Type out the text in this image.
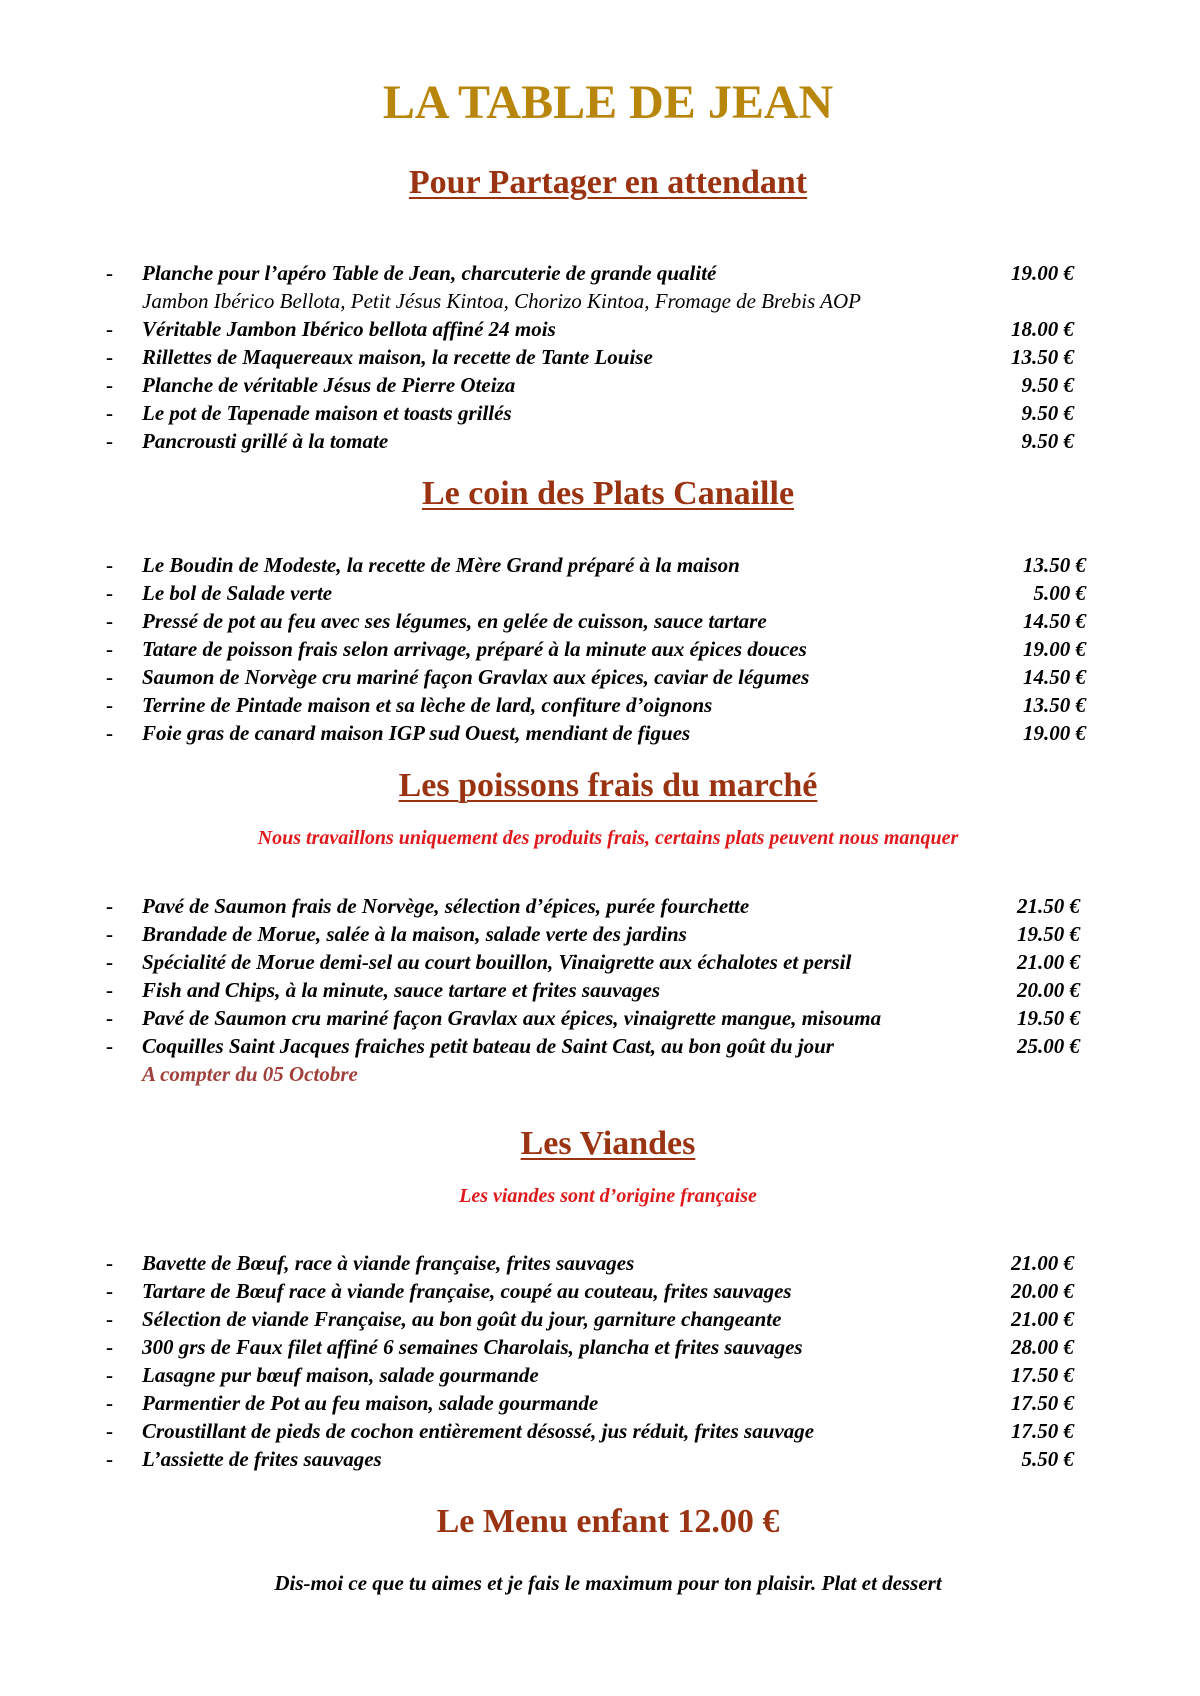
LA TABLE DE JEAN
Pour Partager en attendant
- Planche pour l’apéro Table de Jean, charcuterie de grande qualité	19.00 €
Jambon Ibérico Bellota, Petit Jésus Kintoa, Chorizo Kintoa, Fromage de Brebis AOP
- Véritable Jambon Ibérico bellota affiné 24 mois	18.00 €
- Rillettes de Maquereaux maison, la recette de Tante Louise	13.50 €
- Planche de véritable Jésus de Pierre Oteiza	9.50 €
- Le pot de Tapenade maison et toasts grillés	9.50 €
- Pancrousti grillé à la tomate	9.50 €
Le coin des Plats Canaille
- Le Boudin de Modeste, la recette de Mère Grand préparé à la maison	13.50 €
- Le bol de Salade verte	5.00 €
- Pressé de pot au feu avec ses légumes, en gelée de cuisson, sauce tartare	14.50 €
- Tatare de poisson frais selon arrivage, préparé à la minute aux épices douces	19.00 €
- Saumon de Norvège cru mariné façon Gravlax aux épices, caviar de légumes	14.50 €
- Terrine de Pintade maison et sa lèche de lard, confiture d’oignons	13.50 €
- Foie gras de canard maison IGP sud Ouest, mendiant de figues	19.00 €
Les poissons frais du marché

Nous travaillons uniquement des produits frais, certains plats peuvent nous manquer

- Pavé de Saumon frais de Norvège, sélection d’épices, purée fourchette	21.50 €
- Brandade de Morue, salée à la maison, salade verte des jardins	19.50 €
- Spécialité de Morue demi-sel au court bouillon, Vinaigrette aux échalotes et persil	21.00 €
- Fish and Chips, à la minute, sauce tartare et frites sauvages	20.00 €
- Pavé de Saumon cru mariné façon Gravlax aux épices, vinaigrette mangue, misouma	19.50 €
- Coquilles Saint Jacques fraiches petit bateau de Saint Cast, au bon goût du jour	25.00 €
A compter du 05 Octobre
Les Viandes

Les viandes sont d’origine française

- Bavette de Bœuf, race à viande française, frites sauvages	21.00 €
- Tartare de Bœuf race à viande française, coupé au couteau, frites sauvages	20.00 €
- Sélection de viande Française, au bon goût du jour, garniture changeante	21.00 €
- 300 grs de Faux filet affiné 6 semaines Charolais, plancha et frites sauvages	28.00 €
- Lasagne pur bœuf maison, salade gourmande	17.50 €
- Parmentier de Pot au feu maison, salade gourmande	17.50 €
- Croustillant de pieds de cochon entièrement désossé, jus réduit, frites sauvage	17.50 €
- L’assiette de frites sauvages	5.50 €
Le Menu enfant 12.00 €

Dis-moi ce que tu aimes et je fais le maximum pour ton plaisir. Plat et dessert
